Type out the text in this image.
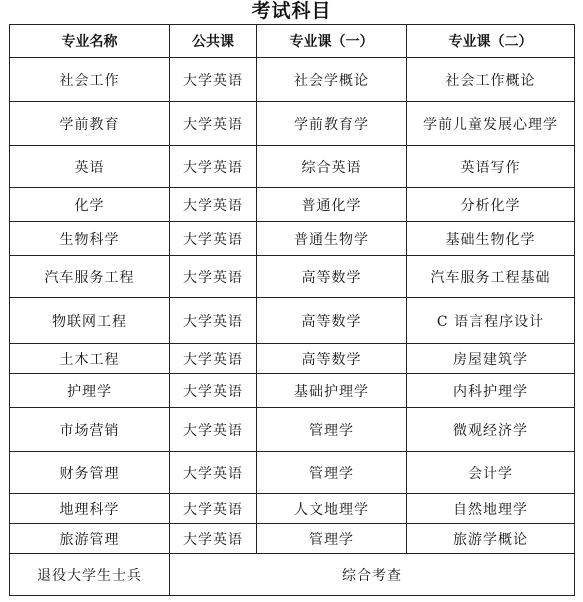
考试科目
专业名称	公共课	专业课（一）	专业课（二）
社会工作	大学英语	社会学概论	社会工作概论
学前教育	大学英语	学前教育学	学前儿童发展心理学
英语	大学英语	综合英语	英语写作
化学	大学英语	普通化学	分析化学
生物科学	大学英语	普通生物学	基础生物化学
汽车服务工程	大学英语	高等数学	汽车服务工程基础
物联网工程	大学英语	高等数学	C 语言程序设计
土木工程	大学英语	高等数学	房屋建筑学
护理学	大学英语	基础护理学	内科护理学
市场营销	大学英语	管理学	微观经济学
财务管理	大学英语	管理学	会计学
地理科学	大学英语	人文地理学	自然地理学
旅游管理	大学英语	管理学	旅游学概论
退役大学生士兵	综合考查		
